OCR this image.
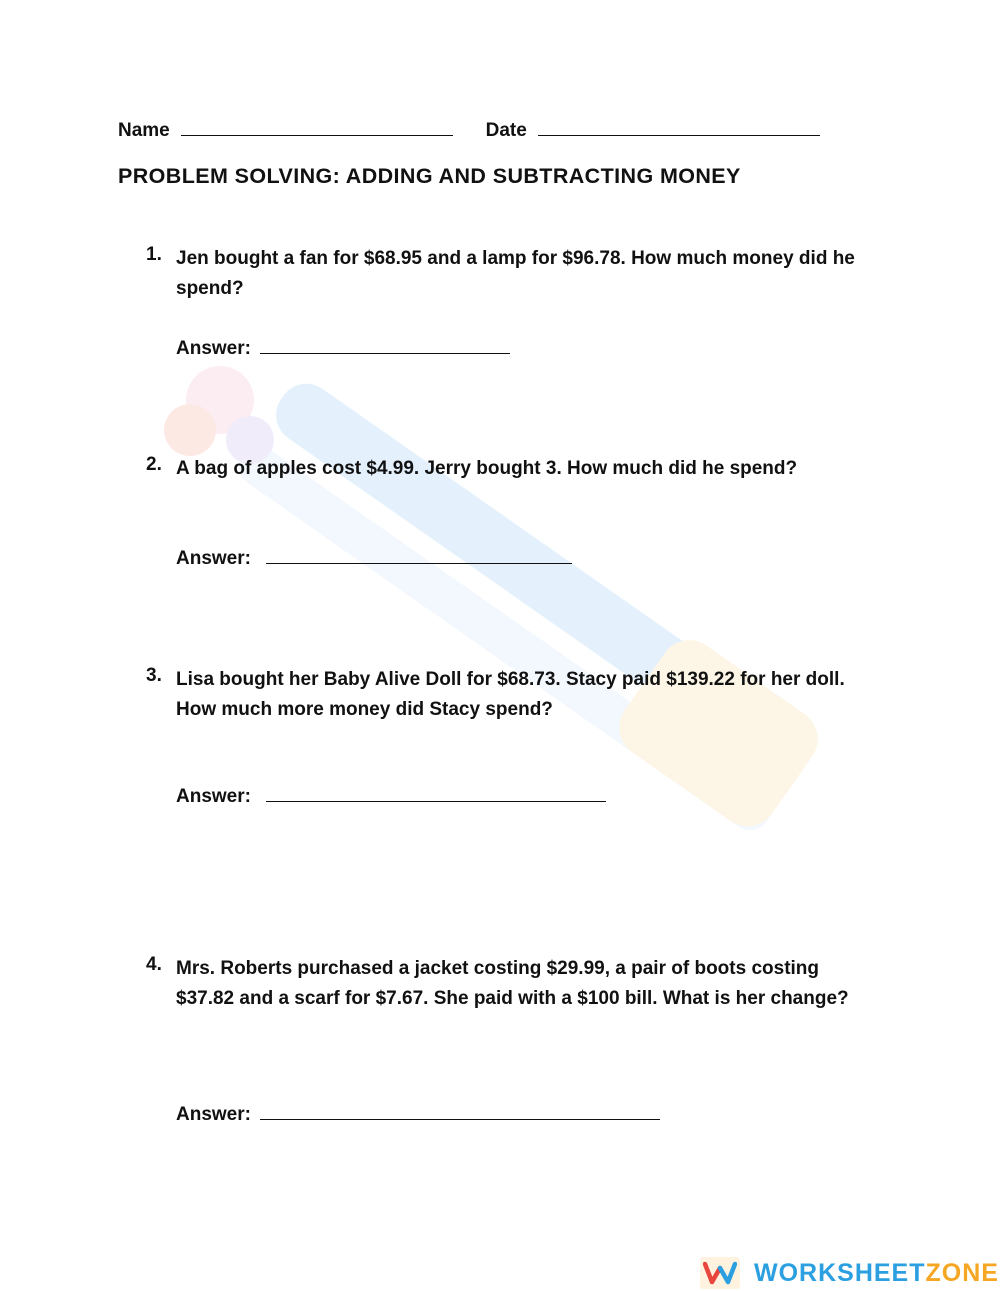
Name	Date
PROBLEM SOLVING: ADDING AND SUBTRACTING MONEY
1. Jen bought a fan for $68.95 and a lamp for $96.78. How much money did he spend?
Answer:
2. A bag of apples cost $4.99. Jerry bought 3. How much did he spend?
Answer:
3. Lisa bought her Baby Alive Doll for $68.73. Stacy paid $139.22 for her doll. How much more money did Stacy spend?
Answer:
4. Mrs. Roberts purchased a jacket costing $29.99, a pair of boots costing $37.82 and a scarf for $7.67. She paid with a $100 bill. What is her change?
Answer:
WORKSHEET ZONE
